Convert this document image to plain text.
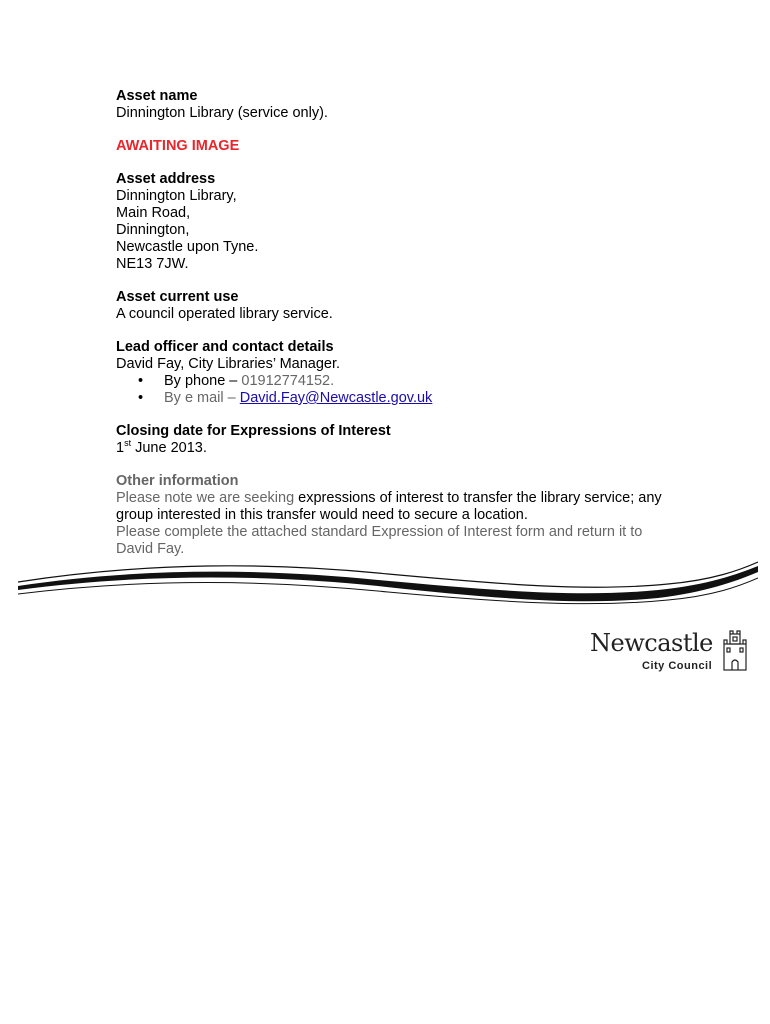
Asset name
Dinnington Library (service only).
AWAITING IMAGE
Asset address
Dinnington Library,
Main Road,
Dinnington,
Newcastle upon Tyne.
NE13 7JW.
Asset current use
A council operated library service.
Lead officer and contact details
David Fay, City Libraries’ Manager.
• By phone – 01912774152.
• By e mail – David.Fay@Newcastle.gov.uk
Closing date for Expressions of Interest
1st June 2013.
Other information
Please note we are seeking expressions of interest to transfer the library service; any group interested in this transfer would need to secure a location.
Please complete the attached standard Expression of Interest form and return it to David Fay.
Newcastle
City Council
